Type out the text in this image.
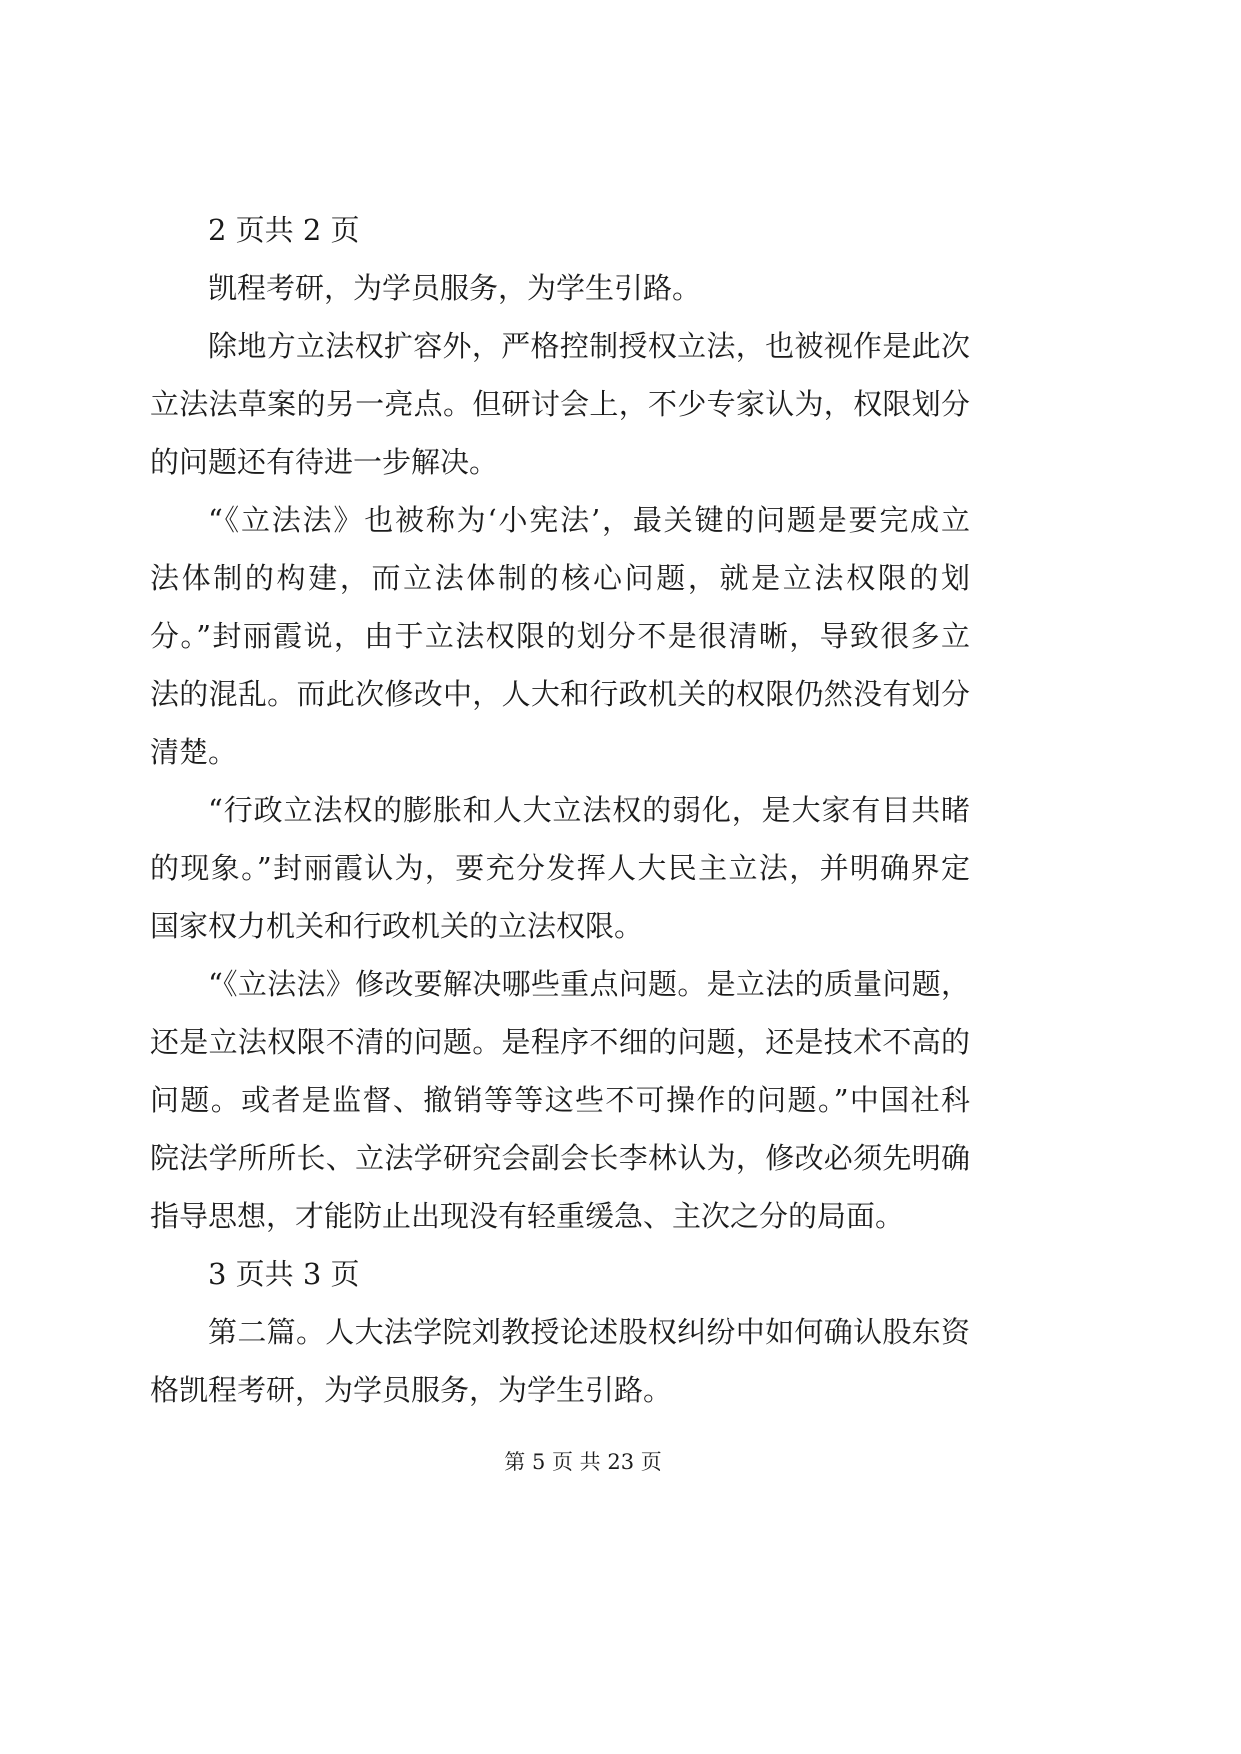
2 页共 2 页
凯程考研，为学员服务，为学生引路。
除地方立法权扩容外，严格控制授权立法，也被视作是此次
立法法草案的另一亮点。但研讨会上，不少专家认为，权限划分
的问题还有待进一步解决。
“《立法法》也被称为‘小宪法’，最关键的问题是要完成立
法体制的构建，而立法体制的核心问题，就是立法权限的划
分。”封丽霞说，由于立法权限的划分不是很清晰，导致很多立
法的混乱。而此次修改中，人大和行政机关的权限仍然没有划分
清楚。
“行政立法权的膨胀和人大立法权的弱化，是大家有目共睹
的现象。”封丽霞认为，要充分发挥人大民主立法，并明确界定
国家权力机关和行政机关的立法权限。
“《立法法》修改要解决哪些重点问题。是立法的质量问题，
还是立法权限不清的问题。是程序不细的问题，还是技术不高的
问题。或者是监督、撤销等等这些不可操作的问题。”中国社科
院法学所所长、立法学研究会副会长李林认为，修改必须先明确
指导思想，才能防止出现没有轻重缓急、主次之分的局面。
3 页共 3 页
第二篇。人大法学院刘教授论述股权纠纷中如何确认股东资
格凯程考研，为学员服务，为学生引路。
第 5 页 共 23 页
